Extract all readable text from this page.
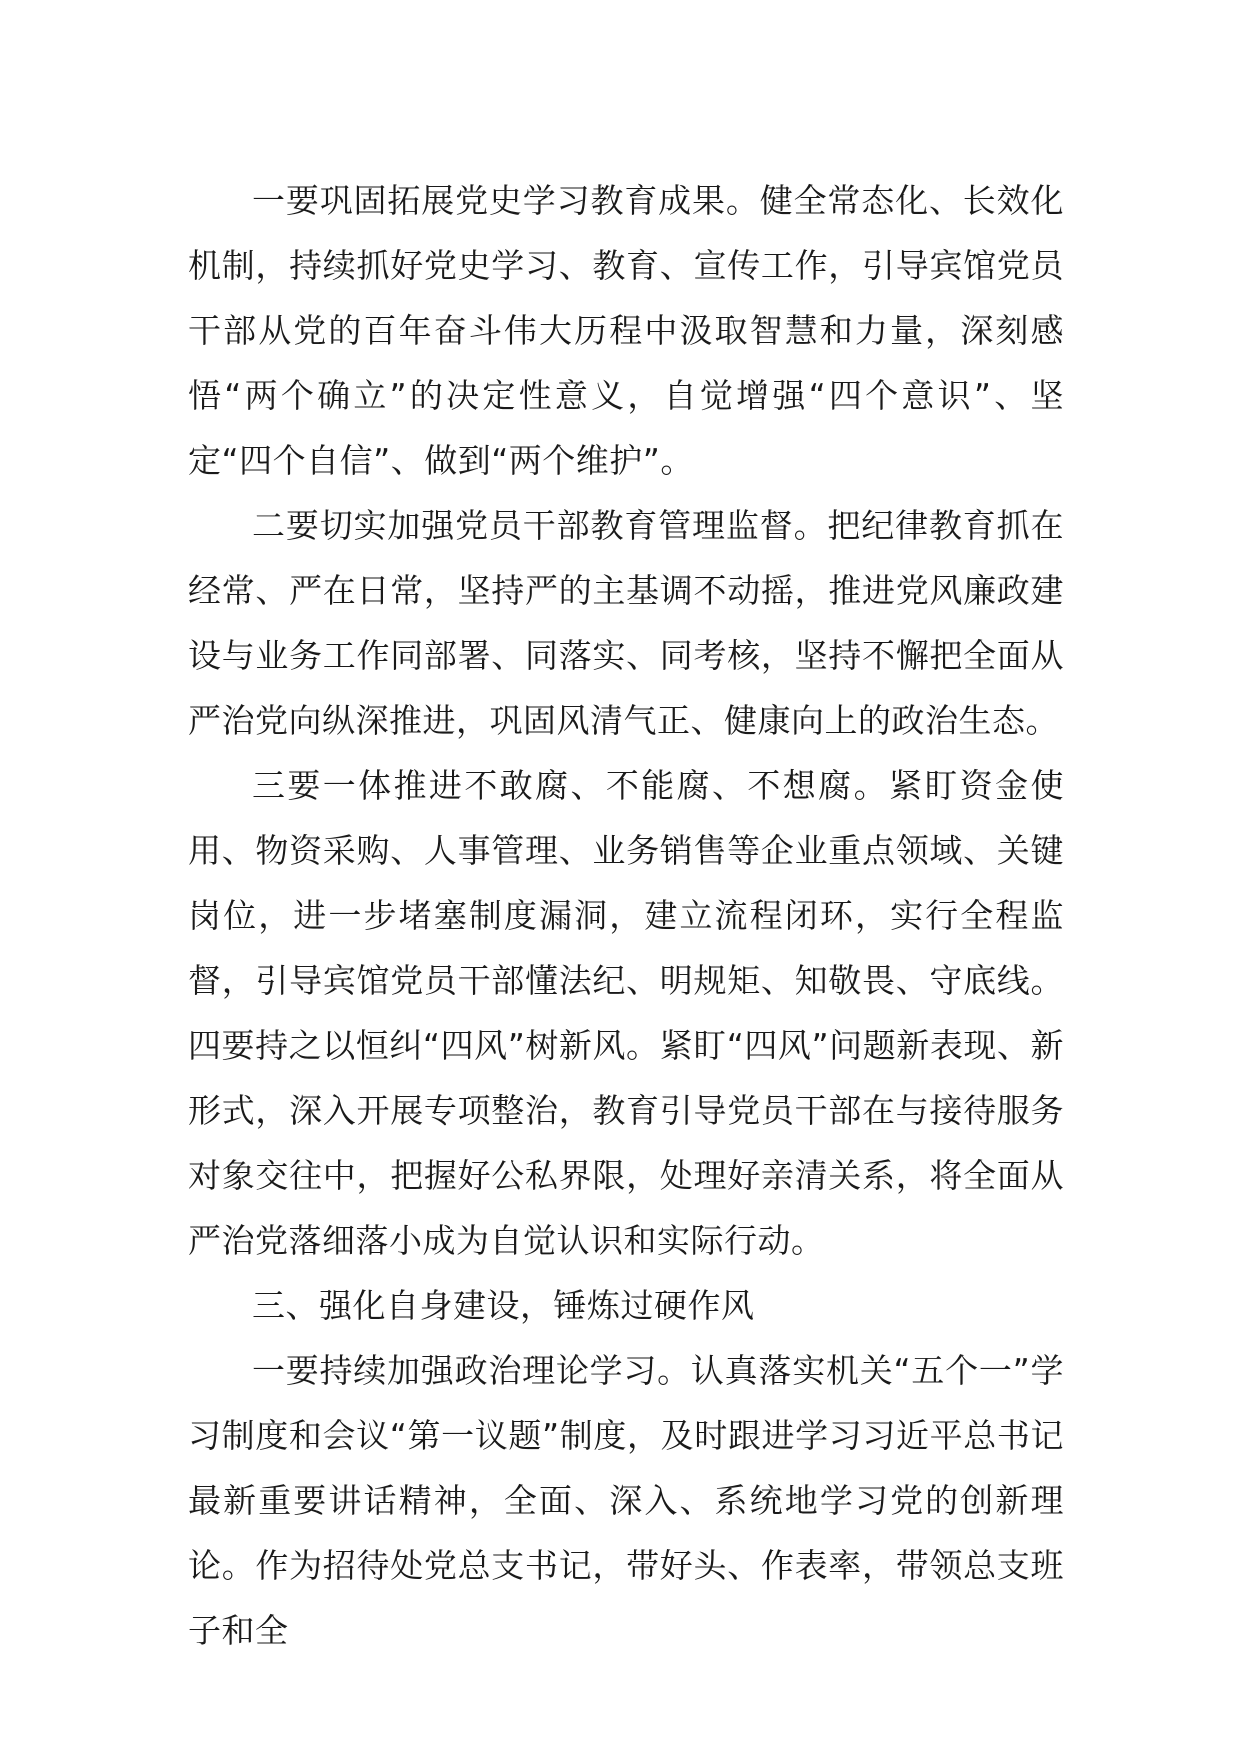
一要巩固拓展党史学习教育成果。健全常态化、长效化机制，持续抓好党史学习、教育、宣传工作，引导宾馆党员干部从党的百年奋斗伟大历程中汲取智慧和力量，深刻感悟“两个确立”的决定性意义，自觉增强“四个意识”、坚定“四个自信”、做到“两个维护”。

二要切实加强党员干部教育管理监督。把纪律教育抓在经常、严在日常，坚持严的主基调不动摇，推进党风廉政建设与业务工作同部署、同落实、同考核，坚持不懈把全面从严治党向纵深推进，巩固风清气正、健康向上的政治生态。

三要一体推进不敢腐、不能腐、不想腐。紧盯资金使用、物资采购、人事管理、业务销售等企业重点领域、关键岗位，进一步堵塞制度漏洞，建立流程闭环，实行全程监督，引导宾馆党员干部懂法纪、明规矩、知敬畏、守底线。四要持之以恒纠“四风”树新风。紧盯“四风”问题新表现、新形式，深入开展专项整治，教育引导党员干部在与接待服务对象交往中，把握好公私界限，处理好亲清关系，将全面从严治党落细落小成为自觉认识和实际行动。

三、强化自身建设，锤炼过硬作风

一要持续加强政治理论学习。认真落实机关“五个一”学习制度和会议“第一议题”制度，及时跟进学习习近平总书记最新重要讲话精神，全面、深入、系统地学习党的创新理论。作为招待处党总支书记，带好头、作表率，带领总支班子和全
